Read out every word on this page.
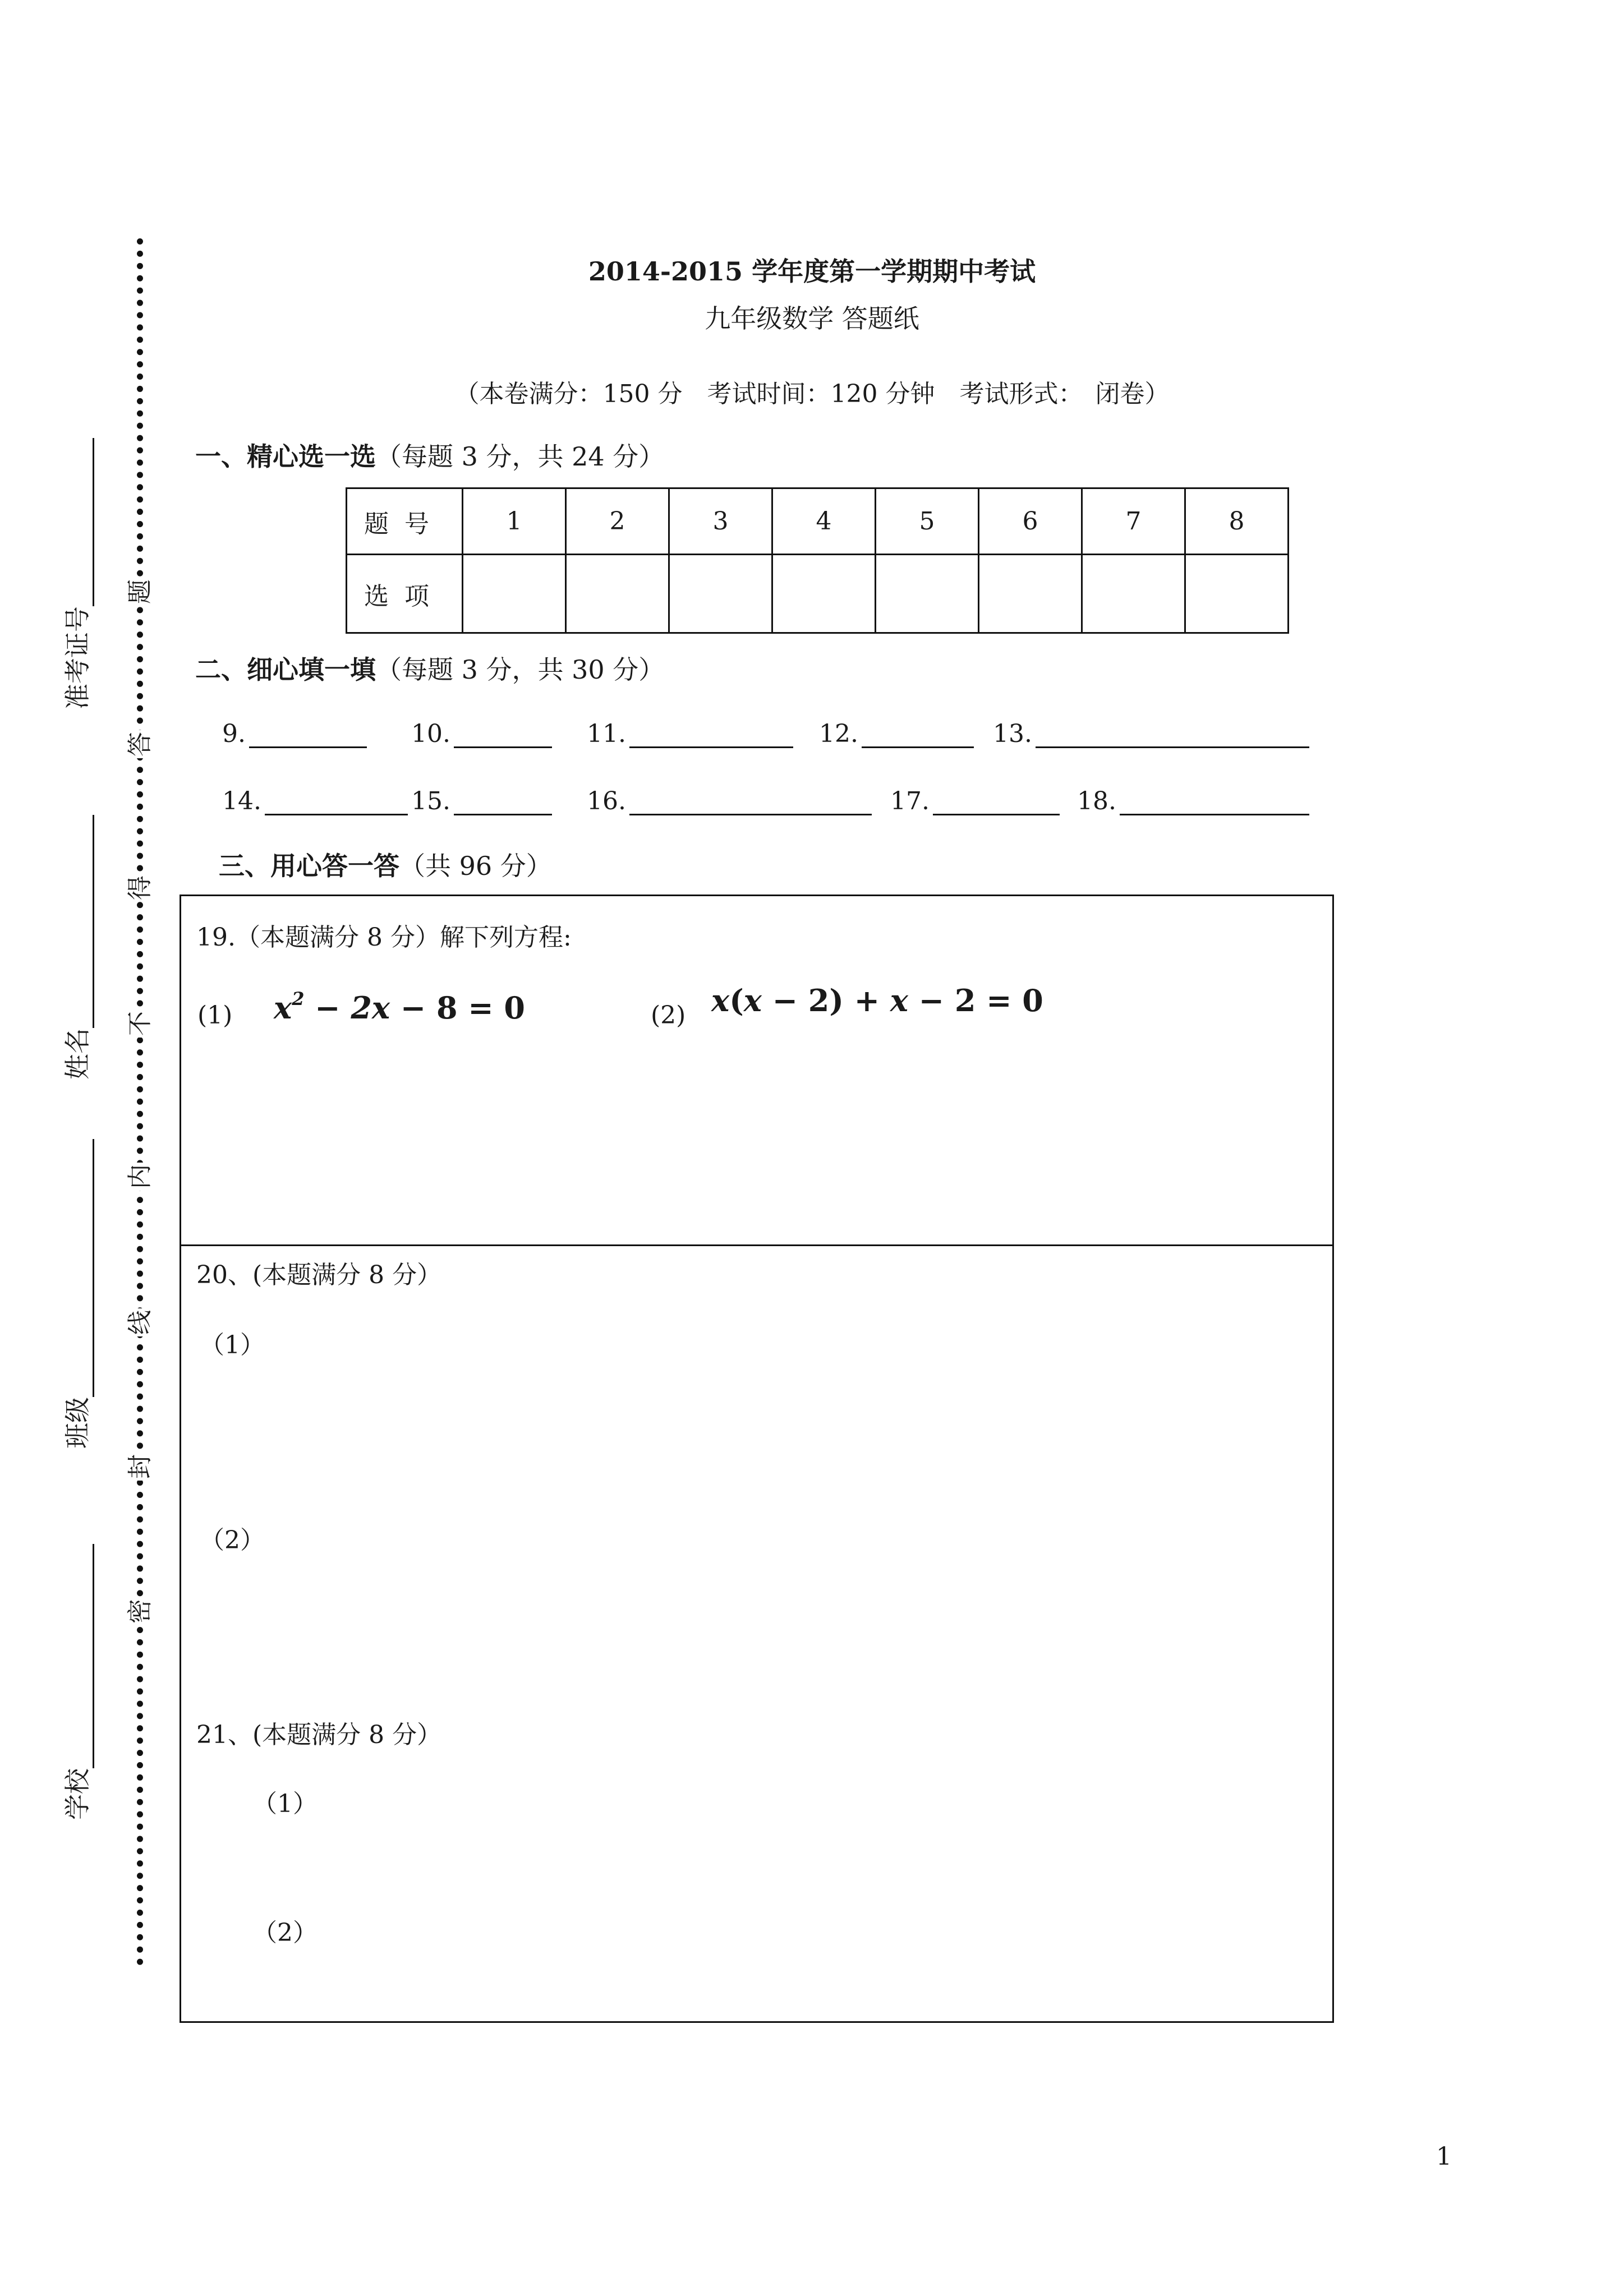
题
答
得
不
内
线
封
密
准考证号
姓名
班级
学校
2014-2015 学年度第一学期期中考试
九年级数学 答题纸
（本卷满分：150 分　考试时间：120 分钟　考试形式：　闭卷）
一、精心选一选（每题 3 分，共 24 分）
题号	1	2	3	4	5	6	7	8
选项								
二、细心填一填（每题 3 分，共 30 分）
9.	10.	11.	12.	13.
14.	15.	16.	17.	18.
三、用心答一答（共 96 分）
19.（本题满分 8 分）解下列方程:
(1) $x^2 - 2x - 8 = 0$	(2) x(x − 2) + x − 2 = 0
20、(本题满分 8 分）
（1）
（2）
21、(本题满分 8 分）
（1）
（2）
1
